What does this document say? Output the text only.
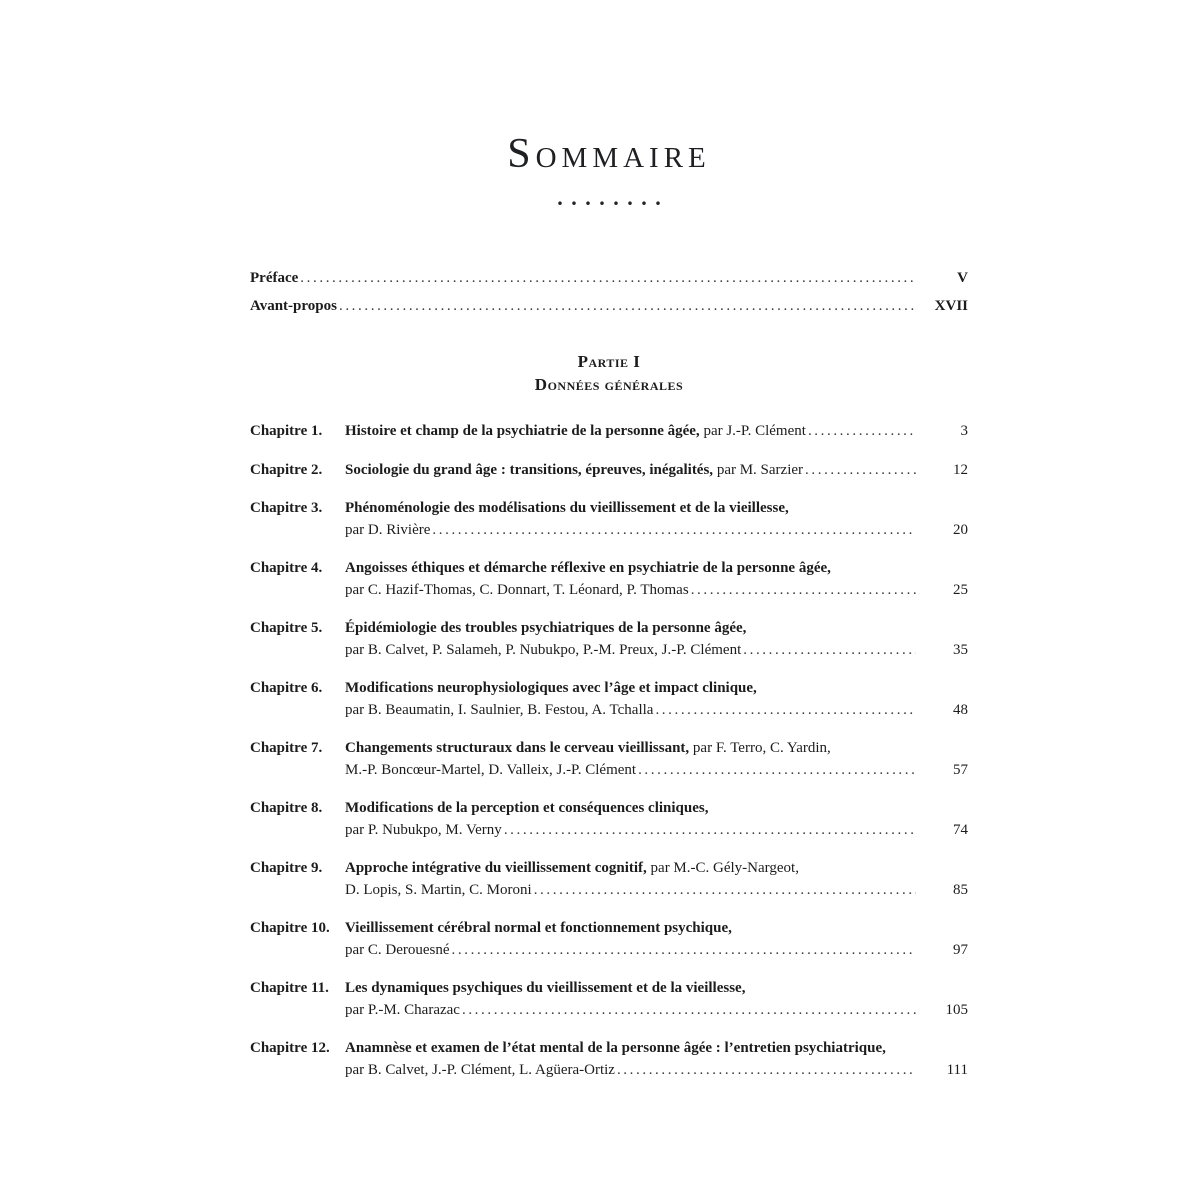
Sommaire
........
Préface .....	V
Avant-propos .....	XVII
Partie I
Données générales
Chapitre 1.	Histoire et champ de la psychiatrie de la personne âgée, par J.-P. Clément .....	3
Chapitre 2.	Sociologie du grand âge : transitions, épreuves, inégalités, par M. Sarzier .....	12
Chapitre 3.	Phénoménologie des modélisations du vieillissement et de la vieillesse,
par D. Rivière .....	20
Chapitre 4.	Angoisses éthiques et démarche réflexive en psychiatrie de la personne âgée,
par C. Hazif-Thomas, C. Donnart, T. Léonard, P. Thomas .....	25
Chapitre 5.	Épidémiologie des troubles psychiatriques de la personne âgée,
par B. Calvet, P. Salameh, P. Nubukpo, P.-M. Preux, J.-P. Clément .....	35
Chapitre 6.	Modifications neurophysiologiques avec l’âge et impact clinique,
par B. Beaumatin, I. Saulnier, B. Festou, A. Tchalla .....	48
Chapitre 7.	Changements structuraux dans le cerveau vieillissant, par F. Terro, C. Yardin,
M.-P. Boncœur-Martel, D. Valleix, J.-P. Clément .....	57
Chapitre 8.	Modifications de la perception et conséquences cliniques,
par P. Nubukpo, M. Verny .....	74
Chapitre 9.	Approche intégrative du vieillissement cognitif, par M.-C. Gély-Nargeot,
D. Lopis, S. Martin, C. Moroni .....	85
Chapitre 10.	Vieillissement cérébral normal et fonctionnement psychique,
par C. Derouesné .....	97
Chapitre 11.	Les dynamiques psychiques du vieillissement et de la vieillesse,
par P.-M. Charazac .....	105
Chapitre 12.	Anamnèse et examen de l’état mental de la personne âgée : l’entretien psychiatrique,
par B. Calvet, J.-P. Clément, L. Agüera-Ortiz .....	111
